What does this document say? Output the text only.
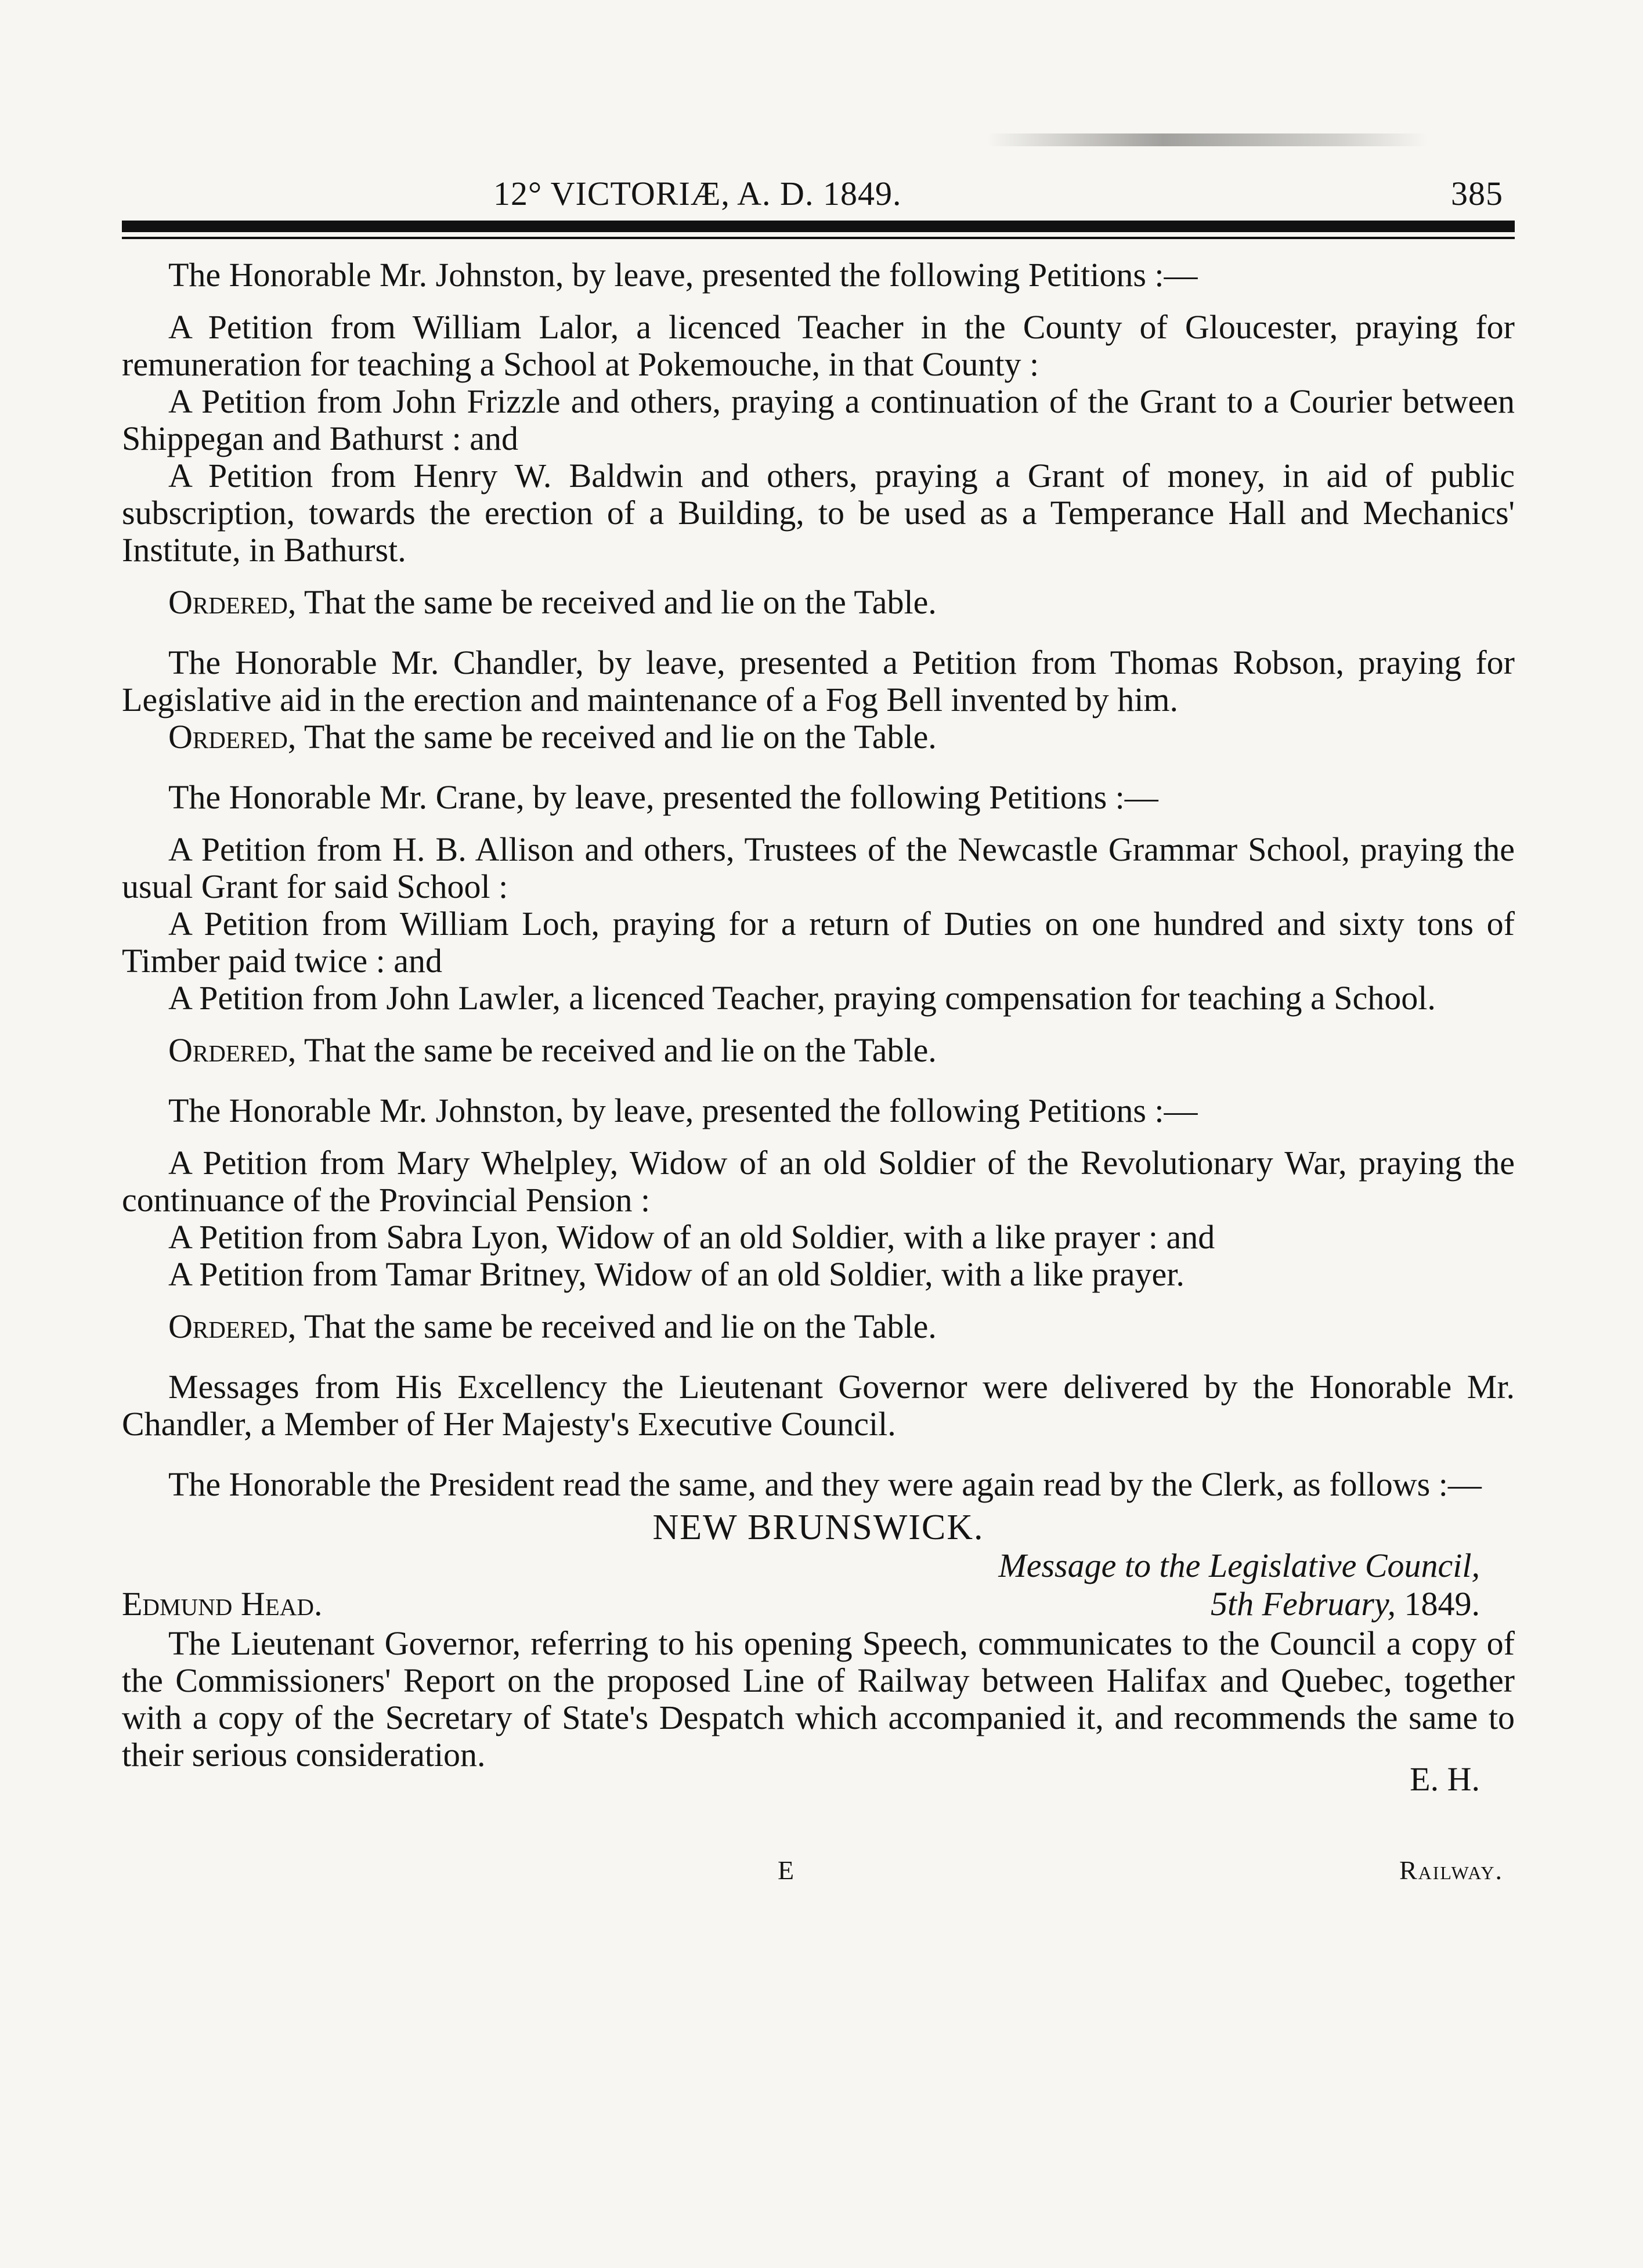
12° VICTORIÆ, A. D. 1849.	385

The Honorable Mr. Johnston, by leave, presented the following Petitions :—

A Petition from William Lalor, a licenced Teacher in the County of Gloucester, praying for remuneration for teaching a School at Pokemouche, in that County :

A Petition from John Frizzle and others, praying a continuation of the Grant to a Courier between Shippegan and Bathurst : and

A Petition from Henry W. Baldwin and others, praying a Grant of money, in aid of public subscription, towards the erection of a Building, to be used as a Temperance Hall and Mechanics' Institute, in Bathurst.

Ordered, That the same be received and lie on the Table.

The Honorable Mr. Chandler, by leave, presented a Petition from Thomas Robson, praying for Legislative aid in the erection and maintenance of a Fog Bell invented by him.

Ordered, That the same be received and lie on the Table.

The Honorable Mr. Crane, by leave, presented the following Petitions :—

A Petition from H. B. Allison and others, Trustees of the Newcastle Grammar School, praying the usual Grant for said School :

A Petition from William Loch, praying for a return of Duties on one hundred and sixty tons of Timber paid twice : and

A Petition from John Lawler, a licenced Teacher, praying compensation for teaching a School.

Ordered, That the same be received and lie on the Table.

The Honorable Mr. Johnston, by leave, presented the following Petitions :—

A Petition from Mary Whelpley, Widow of an old Soldier of the Revolutionary War, praying the continuance of the Provincial Pension :

A Petition from Sabra Lyon, Widow of an old Soldier, with a like prayer : and

A Petition from Tamar Britney, Widow of an old Soldier, with a like prayer.

Ordered, That the same be received and lie on the Table.

Messages from His Excellency the Lieutenant Governor were delivered by the Honorable Mr. Chandler, a Member of Her Majesty's Executive Council.

The Honorable the President read the same, and they were again read by the Clerk, as follows :—

NEW BRUNSWICK.

Message to the Legislative Council,
Edmund Head.	5th February, 1849.

The Lieutenant Governor, referring to his opening Speech, communicates to the Council a copy of the Commissioners' Report on the proposed Line of Railway between Halifax and Quebec, together with a copy of the Secretary of State's Despatch which accompanied it, and recommends the same to their serious consideration.

E. H.
E	Railway.
